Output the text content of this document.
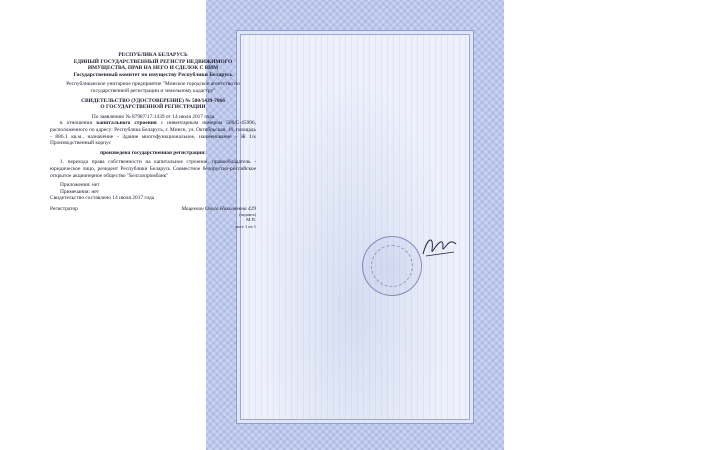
РЕСПУБЛИКА БЕЛАРУСЬ
ЕДИНЫЙ ГОСУДАРСТВЕННЫЙ РЕГИСТР НЕДВИЖИМОГО
ИМУЩЕСТВА, ПРАВ НА НЕГО И СДЕЛОК С НИМ
Государственный комитет по имуществу Республики Беларусь
Республиканское унитарное предприятие "Минское городское агентство по государственной регистрации и земельному кадастру"
СВИДЕТЕЛЬСТВО (УДОСТОВЕРЕНИЕ) № 500/1439-7066
О ГОСУДАРСТВЕННОЙ РЕГИСТРАЦИИ
По заявлению № 87987/17:1439 от 14 июля 2017 года
в отношении капитального строения с инвентарным номером 500/С-45996, расположенного по адресу: Республика Беларусь, г. Минск, ул. Октябрьская, 16, площадь - 886.1 кв.м., назначение - Здание многофункциональное, наименование - Ж 1/к Производственный корпус
произведена государственная регистрация:
1. перехода права собственности на капитальное строение, правообладатель - юридическое лицо, резидент Республики Беларусь Совместное белорусско-российское открытое акционерное общество "Белгазпромбанк"
Приложения: нет
Примечания: нет
Свидетельство составлено 14 июля 2017 года
Регистратор	Мацкевич Ольга Николаевна 429
(подпись)
М.П.
лист 1 из 1
